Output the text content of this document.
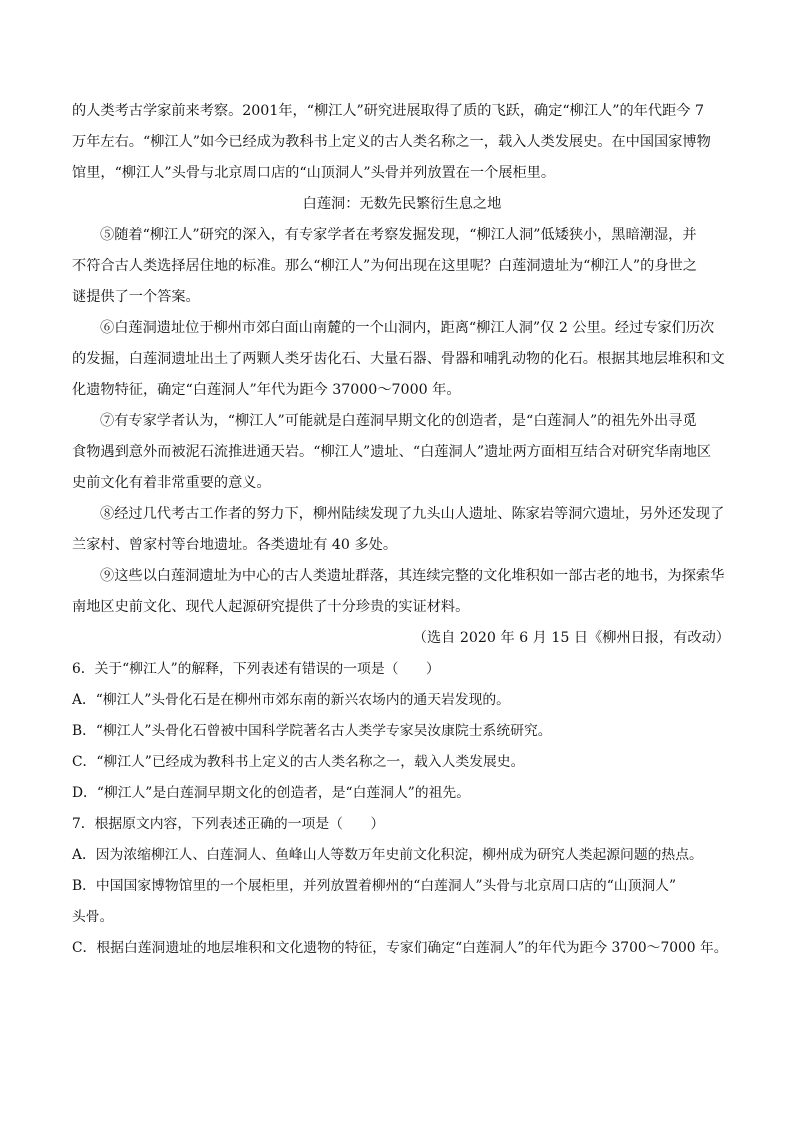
的人类考古学家前来考察。2001年，“柳江人”研究进展取得了质的飞跃，确定“柳江人”的年代距今 7
万年左右。“柳江人”如今已经成为教科书上定义的古人类名称之一，载入人类发展史。在中国国家博物
馆里，“柳江人”头骨与北京周口店的“山顶洞人”头骨并列放置在一个展柜里。
白莲洞：无数先民繁衍生息之地
⑤随着“柳江人”研究的深入，有专家学者在考察发掘发现，“柳江人洞”低矮狭小，黑暗潮湿，并
不符合古人类选择居住地的标准。那么“柳江人”为何出现在这里呢？白莲洞遗址为“柳江人”的身世之
谜提供了一个答案。
⑥白莲洞遗址位于柳州市郊白面山南麓的一个山洞内，距离“柳江人洞”仅 2 公里。经过专家们历次
的发掘，白莲洞遗址出土了两颗人类牙齿化石、大量石器、骨器和哺乳动物的化石。根据其地层堆积和文
化遗物特征，确定“白莲洞人”年代为距今 37000～7000 年。
⑦有专家学者认为，“柳江人”可能就是白莲洞早期文化的创造者，是“白莲洞人”的祖先外出寻觅
食物遇到意外而被泥石流推进通天岩。“柳江人”遗址、“白莲洞人”遗址两方面相互结合对研究华南地区
史前文化有着非常重要的意义。
⑧经过几代考古工作者的努力下，柳州陆续发现了九头山人遗址、陈家岩等洞穴遗址，另外还发现了
兰家村、曾家村等台地遗址。各类遗址有 40 多处。
⑨这些以白莲洞遗址为中心的古人类遗址群落，其连续完整的文化堆积如一部古老的地书，为探索华
南地区史前文化、现代人起源研究提供了十分珍贵的实证材料。
（选自 2020 年 6 月 15 日《柳州日报，有改动）
6．关于“柳江人”的解释，下列表述有错误的一项是（　　）
A．“柳江人”头骨化石是在柳州市郊东南的新兴农场内的通天岩发现的。
B．“柳江人”头骨化石曾被中国科学院著名古人类学专家吴汝康院士系统研究。
C．“柳江人”已经成为教科书上定义的古人类名称之一，载入人类发展史。
D．“柳江人”是白莲洞早期文化的创造者，是“白莲洞人”的祖先。
7．根据原文内容，下列表述正确的一项是（　　）
A．因为浓缩柳江人、白莲洞人、鱼峰山人等数万年史前文化积淀，柳州成为研究人类起源问题的热点。
B．中国国家博物馆里的一个展柜里，并列放置着柳州的“白莲洞人”头骨与北京周口店的“山顶洞人”
头骨。
C．根据白莲洞遗址的地层堆积和文化遗物的特征，专家们确定“白莲洞人”的年代为距今 3700～7000 年。
